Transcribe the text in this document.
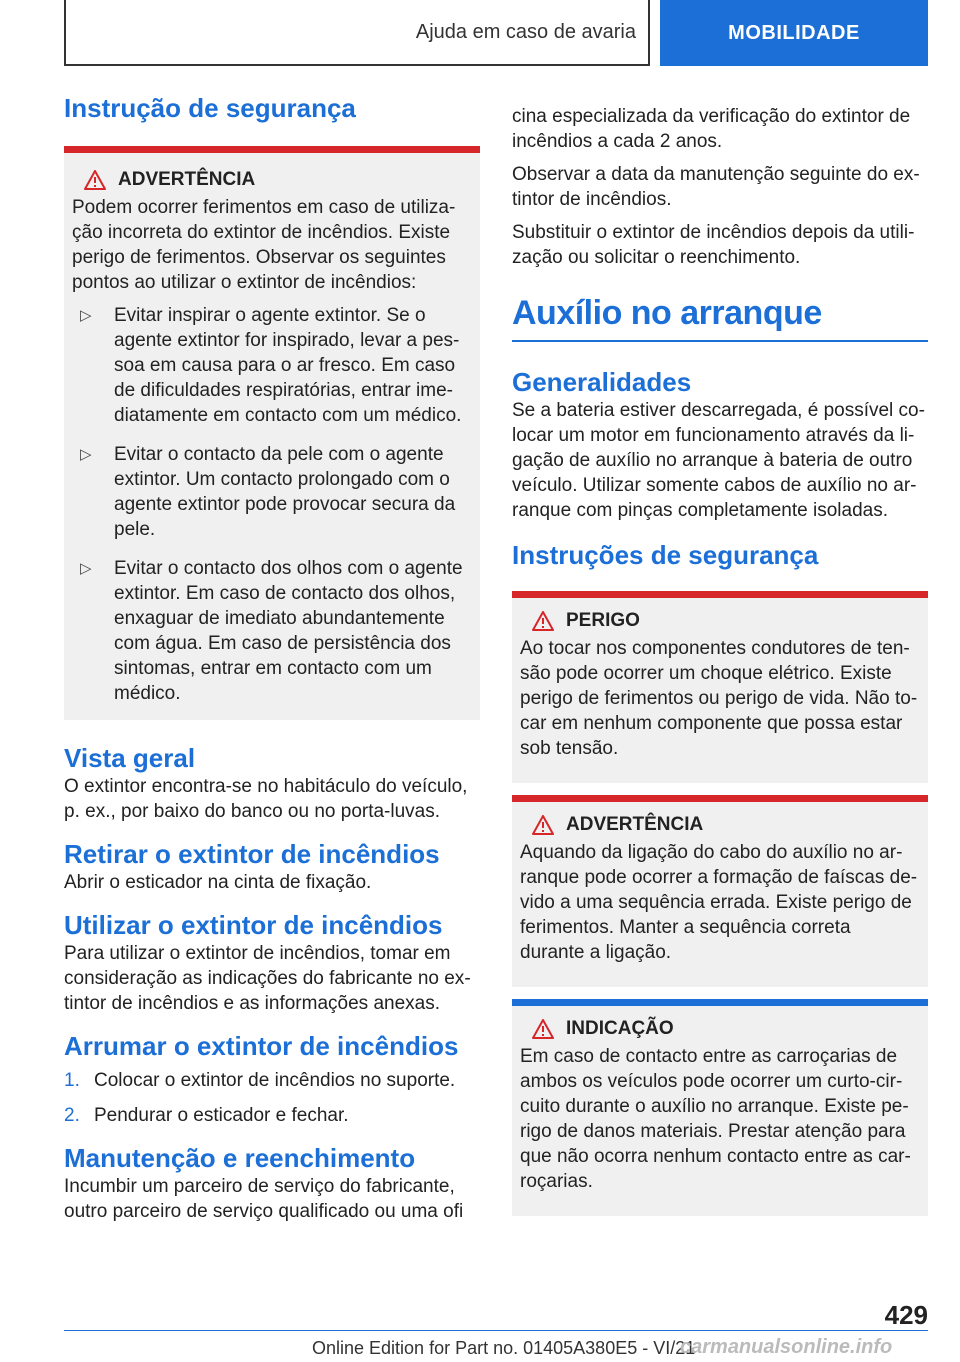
Ajuda em caso de avaria	MOBILIDADE
Instrução de segurança
ADVERTÊNCIA

Podem ocorrer ferimentos em caso de utilização incorreta do extintor de incêndios. Existe perigo de ferimentos. Observar os seguintes pontos ao utilizar o extintor de incêndios:

▷	Evitar inspirar o agente extintor. Se o agente extintor for inspirado, levar a pessoa em causa para o ar fresco. Em caso de dificuldades respiratórias, entrar imediatamente em contacto com um médico.
▷	Evitar o contacto da pele com o agente extintor. Um contacto prolongado com o agente extintor pode provocar secura da pele.
▷	Evitar o contacto dos olhos com o agente extintor. Em caso de contacto dos olhos, enxaguar de imediato abundantemente com água. Em caso de persistência dos sintomas, entrar em contacto com um médico.
Vista geral

O extintor encontra-se no habitáculo do veículo, p. ex., por baixo do banco ou no porta-luvas.

Retirar o extintor de incêndios

Abrir o esticador na cinta de fixação.

Utilizar o extintor de incêndios

Para utilizar o extintor de incêndios, tomar em consideração as indicações do fabricante no extintor de incêndios e as informações anexas.

Arrumar o extintor de incêndios
1. Colocar o extintor de incêndios no suporte.
2. Pendurar o esticador e fechar.
Manutenção e reenchimento

Incumbir um parceiro de serviço do fabricante, outro parceiro de serviço qualificado ou uma ofi

cina especializada da verificação do extintor de incêndios a cada 2 anos.

Observar a data da manutenção seguinte do extintor de incêndios.

Substituir o extintor de incêndios depois da utilização ou solicitar o reenchimento.

Auxílio no arranque
Generalidades

Se a bateria estiver descarregada, é possível colocar um motor em funcionamento através da ligação de auxílio no arranque à bateria de outro veículo. Utilizar somente cabos de auxílio no arranque com pinças completamente isoladas.

Instruções de segurança
PERIGO

Ao tocar nos componentes condutores de tensão pode ocorrer um choque elétrico. Existe perigo de ferimentos ou perigo de vida. Não tocar em nenhum componente que possa estar sob tensão.

ADVERTÊNCIA

Aquando da ligação do cabo do auxílio no arranque pode ocorrer a formação de faíscas devido a uma sequência errada. Existe perigo de ferimentos. Manter a sequência correta durante a ligação.

INDICAÇÃO

Em caso de contacto entre as carroçarias de ambos os veículos pode ocorrer um curto-circuito durante o auxílio no arranque. Existe perigo de danos materiais. Prestar atenção para que não ocorra nenhum contacto entre as carroçarias.

429
Online Edition for Part no. 01405A380E5 - VI/21
carmanualsonline.info
